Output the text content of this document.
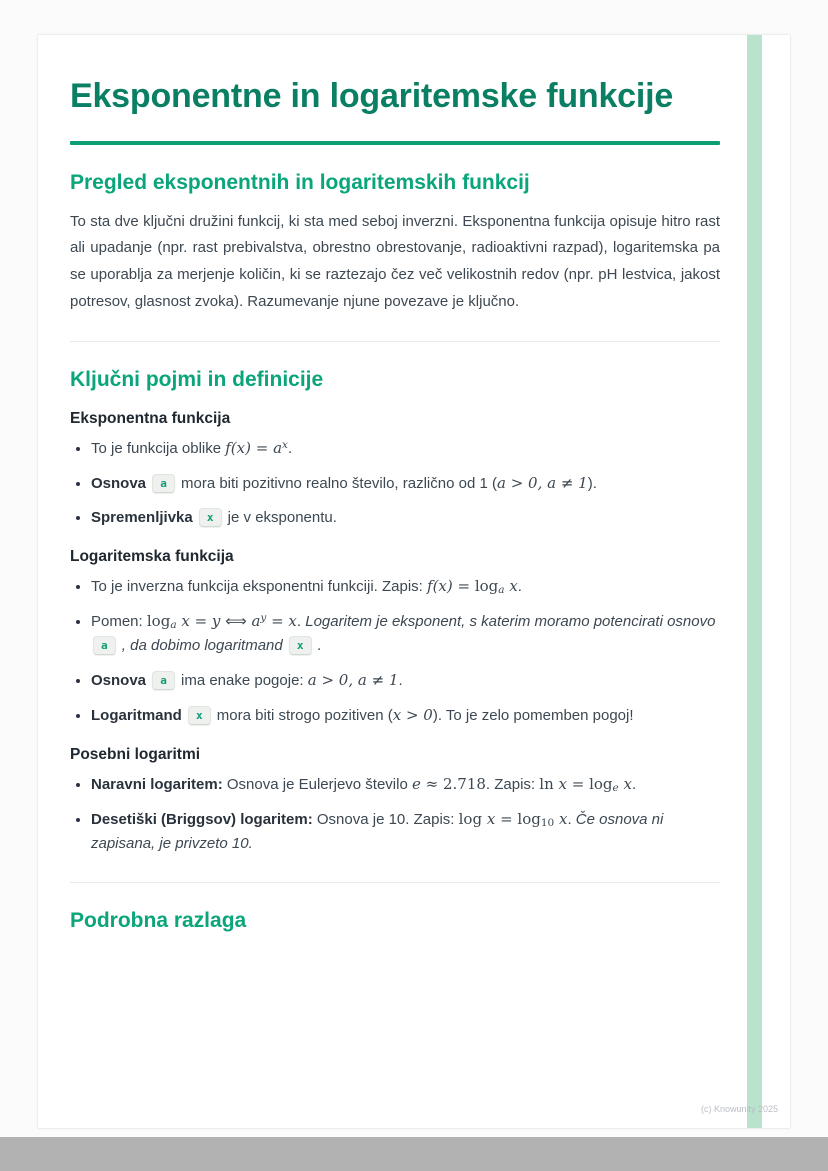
Eksponentne in logaritemske funkcije
Pregled eksponentnih in logaritemskih funkcij

To sta dve ključni družini funkcij, ki sta med seboj inverzni. Eksponentna funkcija opisuje hitro rast ali upadanje (npr. rast prebivalstva, obrestno obrestovanje, radioaktivni razpad), logaritemska pa se uporablja za merjenje količin, ki se raztezajo čez več velikostnih redov (npr. pH lestvica, jakost potresov, glasnost zvoka). Razumevanje njune povezave je ključno.

Ključni pojmi in definicije
Eksponentna funkcija
• To je funkcija oblike $f(x) = a^x$.
• Osnova a mora biti pozitivno realno število, različno od 1 (a > 0, a ≠ 1).
• Spremenljivka x je v eksponentu.
Logaritemska funkcija
• To je inverzna funkcija eksponentni funkciji. Zapis: $f(x) = \log_a x$.
• Pomen: $\log_a x = y$ ⟺ $a^y = x$. Logaritem je eksponent, s katerim moramo potencirati osnovo a , da dobimo logaritmand x .
• Osnova a ima enake pogoje: a > 0, a ≠ 1.
• Logaritmand x mora biti strogo pozitiven (x > 0). To je zelo pomemben pogoj!
Posebni logaritmi
• Naravni logaritem: Osnova je Eulerjevo število e ≈ 2.718. Zapis: $\ln x = \log_e x$.
• Desetiški (Briggsov) logaritem: Osnova je 10. Zapis: $\log x = \log_{10} x$. Če osnova ni zapisana, je privzeto 10.
Podrobna razlaga
(c) Knowunity 2025
